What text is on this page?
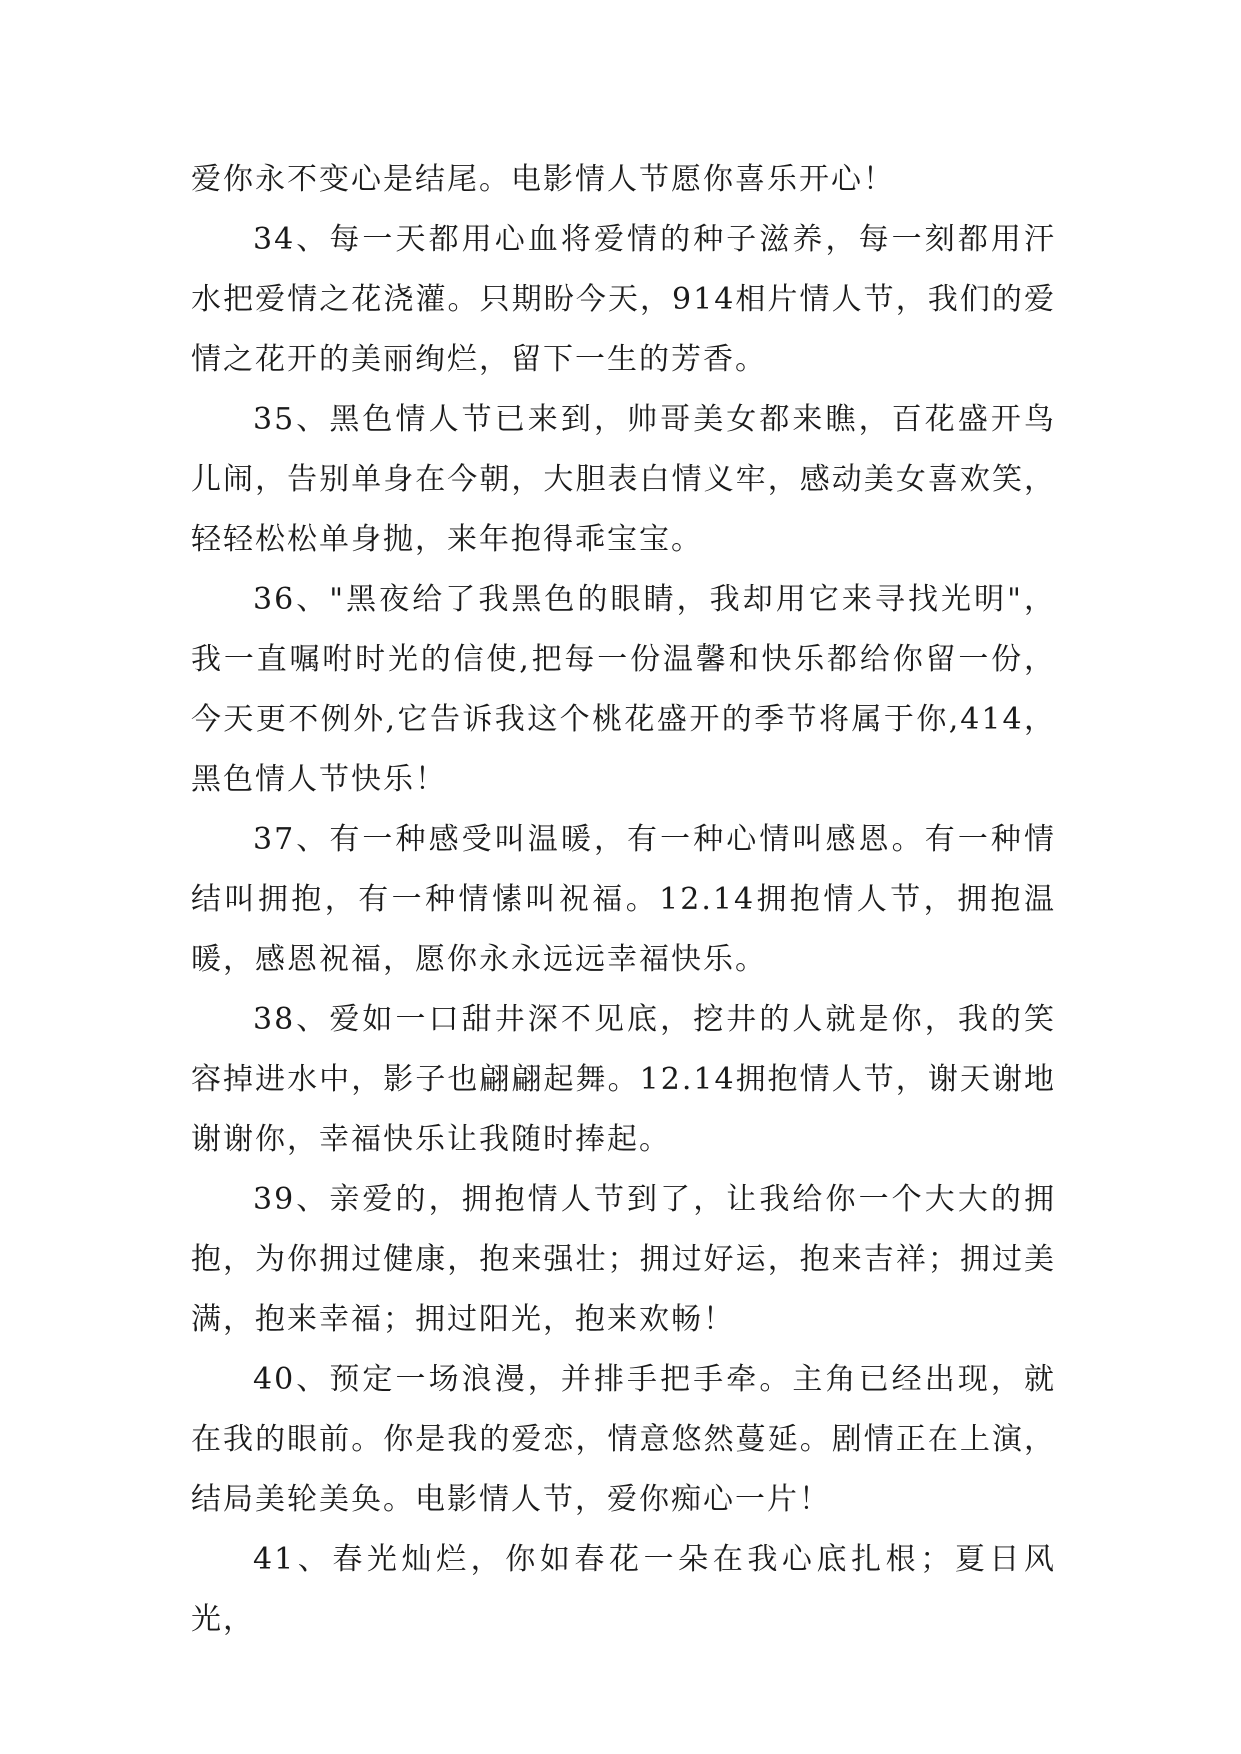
爱你永不变心是结尾。电影情人节愿你喜乐开心！

34、每一天都用心血将爱情的种子滋养，每一刻都用汗水把爱情之花浇灌。只期盼今天，914相片情人节，我们的爱情之花开的美丽绚烂，留下一生的芳香。

35、黑色情人节已来到，帅哥美女都来瞧，百花盛开鸟儿闹，告别单身在今朝，大胆表白情义牢，感动美女喜欢笑，轻轻松松单身抛，来年抱得乖宝宝。

36、"黑夜给了我黑色的眼睛，我却用它来寻找光明"，我一直嘱咐时光的信使,把每一份温馨和快乐都给你留一份，今天更不例外,它告诉我这个桃花盛开的季节将属于你,414，黑色情人节快乐！

37、有一种感受叫温暖，有一种心情叫感恩。有一种情结叫拥抱，有一种情愫叫祝福。12.14拥抱情人节，拥抱温暖，感恩祝福，愿你永永远远幸福快乐。

38、爱如一口甜井深不见底，挖井的人就是你，我的笑容掉进水中，影子也翩翩起舞。12.14拥抱情人节，谢天谢地谢谢你，幸福快乐让我随时捧起。

39、亲爱的，拥抱情人节到了，让我给你一个大大的拥抱，为你拥过健康，抱来强壮；拥过好运，抱来吉祥；拥过美满，抱来幸福；拥过阳光，抱来欢畅！

40、预定一场浪漫，并排手把手牵。主角已经出现，就在我的眼前。你是我的爱恋，情意悠然蔓延。剧情正在上演，结局美轮美奂。电影情人节，爱你痴心一片！

41、春光灿烂，你如春花一朵在我心底扎根；夏日风光，
